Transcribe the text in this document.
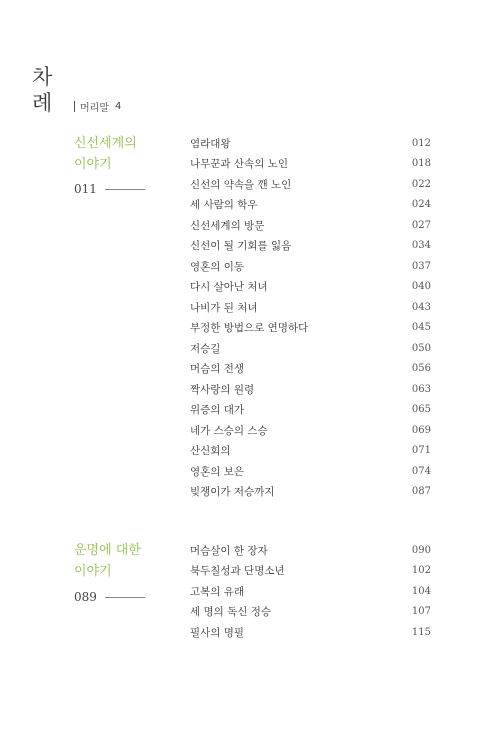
차
례	머리말 4
신선세계의
이야기
011
염라대왕	012
나무꾼과 산속의 노인	018
신선의 약속을 깬 노인	022
세 사람의 학우	024
신선세계의 방문	027
신선이 될 기회를 잃음	034
영혼의 이동	037
다시 살아난 처녀	040
나비가 된 처녀	043
부정한 방법으로 연명하다	045
저승길	050
머슴의 전생	056
짝사랑의 원령	063
위증의 대가	065
네가 스승의 스승	069
산신회의	071
영혼의 보은	074
빚쟁이가 저승까지	087
운명에 대한
이야기
089
머슴살이 한 장자	090
북두칠성과 단명소년	102
고복의 유래	104
세 명의 독신 정승	107
필사의 명필	115
